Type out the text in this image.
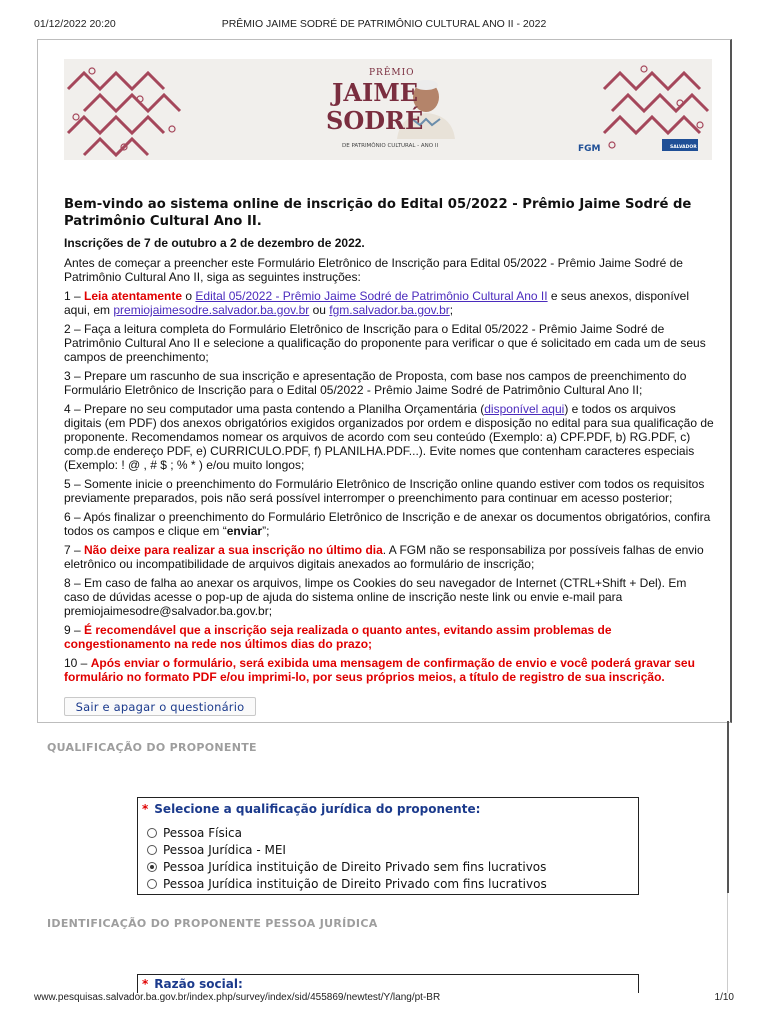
01/12/2022 20:20	PRÊMIO JAIME SODRÉ DE PATRIMÔNIO CULTURAL ANO II - 2022
PRÊMIO
JAIME
SODRÉ
DE PATRIMÔNIO CULTURAL - ANO II	FGM	SALVADOR
Bem-vindo ao sistema online de inscrição do Edital 05/2022 - Prêmio Jaime Sodré de Patrimônio Cultural Ano II.
Inscrições de 7 de outubro a 2 de dezembro de 2022.
Antes de começar a preencher este Formulário Eletrônico de Inscrição para Edital 05/2022 - Prêmio Jaime Sodré de Patrimônio Cultural Ano II, siga as seguintes instruções:
1 – Leia atentamente o Edital 05/2022 - Prêmio Jaime Sodré de Patrimônio Cultural Ano II e seus anexos, disponível aqui, em premiojaimesodre.salvador.ba.gov.br ou fgm.salvador.ba.gov.br;
2 – Faça a leitura completa do Formulário Eletrônico de Inscrição para o Edital 05/2022 - Prêmio Jaime Sodré de Patrimônio Cultural Ano II e selecione a qualificação do proponente para verificar o que é solicitado em cada um de seus campos de preenchimento;
3 – Prepare um rascunho de sua inscrição e apresentação de Proposta, com base nos campos de preenchimento do Formulário Eletrônico de Inscrição para o Edital 05/2022 - Prêmio Jaime Sodré de Patrimônio Cultural Ano II;
4 – Prepare no seu computador uma pasta contendo a Planilha Orçamentária (disponível aqui) e todos os arquivos digitais (em PDF) dos anexos obrigatórios exigidos organizados por ordem e disposição no edital para sua qualificação de proponente. Recomendamos nomear os arquivos de acordo com seu conteúdo (Exemplo: a) CPF.PDF, b) RG.PDF, c) comp.de endereço PDF, e) CURRICULO.PDF, f) PLANILHA.PDF...). Evite nomes que contenham caracteres especiais (Exemplo: ! @ , # $ ; % * ) e/ou muito longos;
5 – Somente inicie o preenchimento do Formulário Eletrônico de Inscrição online quando estiver com todos os requisitos previamente preparados, pois não será possível interromper o preenchimento para continuar em acesso posterior;
6 – Após finalizar o preenchimento do Formulário Eletrônico de Inscrição e de anexar os documentos obrigatórios, confira todos os campos e clique em “enviar”;
7 – Não deixe para realizar a sua inscrição no último dia. A FGM não se responsabiliza por possíveis falhas de envio eletrônico ou incompatibilidade de arquivos digitais anexados ao formulário de inscrição;
8 – Em caso de falha ao anexar os arquivos, limpe os Cookies do seu navegador de Internet (CTRL+Shift + Del). Em caso de dúvidas acesse o pop-up de ajuda do sistema online de inscrição neste link ou envie e-mail para premiojaimesodre@salvador.ba.gov.br;
9 – É recomendável que a inscrição seja realizada o quanto antes, evitando assim problemas de congestionamento na rede nos últimos dias do prazo;
10 – Após enviar o formulário, será exibida uma mensagem de confirmação de envio e você poderá gravar seu formulário no formato PDF e/ou imprimi-lo, por seus próprios meios, a título de registro de sua inscrição.
Sair e apagar o questionário
QUALIFICAÇÃO DO PROPONENTE
* Selecione a qualificação jurídica do proponente:
Pessoa Física
Pessoa Jurídica - MEI
Pessoa Jurídica instituição de Direito Privado sem fins lucrativos
Pessoa Jurídica instituição de Direito Privado com fins lucrativos
IDENTIFICAÇÃO DO PROPONENTE PESSOA JURÍDICA
* Razão social:
www.pesquisas.salvador.ba.gov.br/index.php/survey/index/sid/455869/newtest/Y/lang/pt-BR	1/10
